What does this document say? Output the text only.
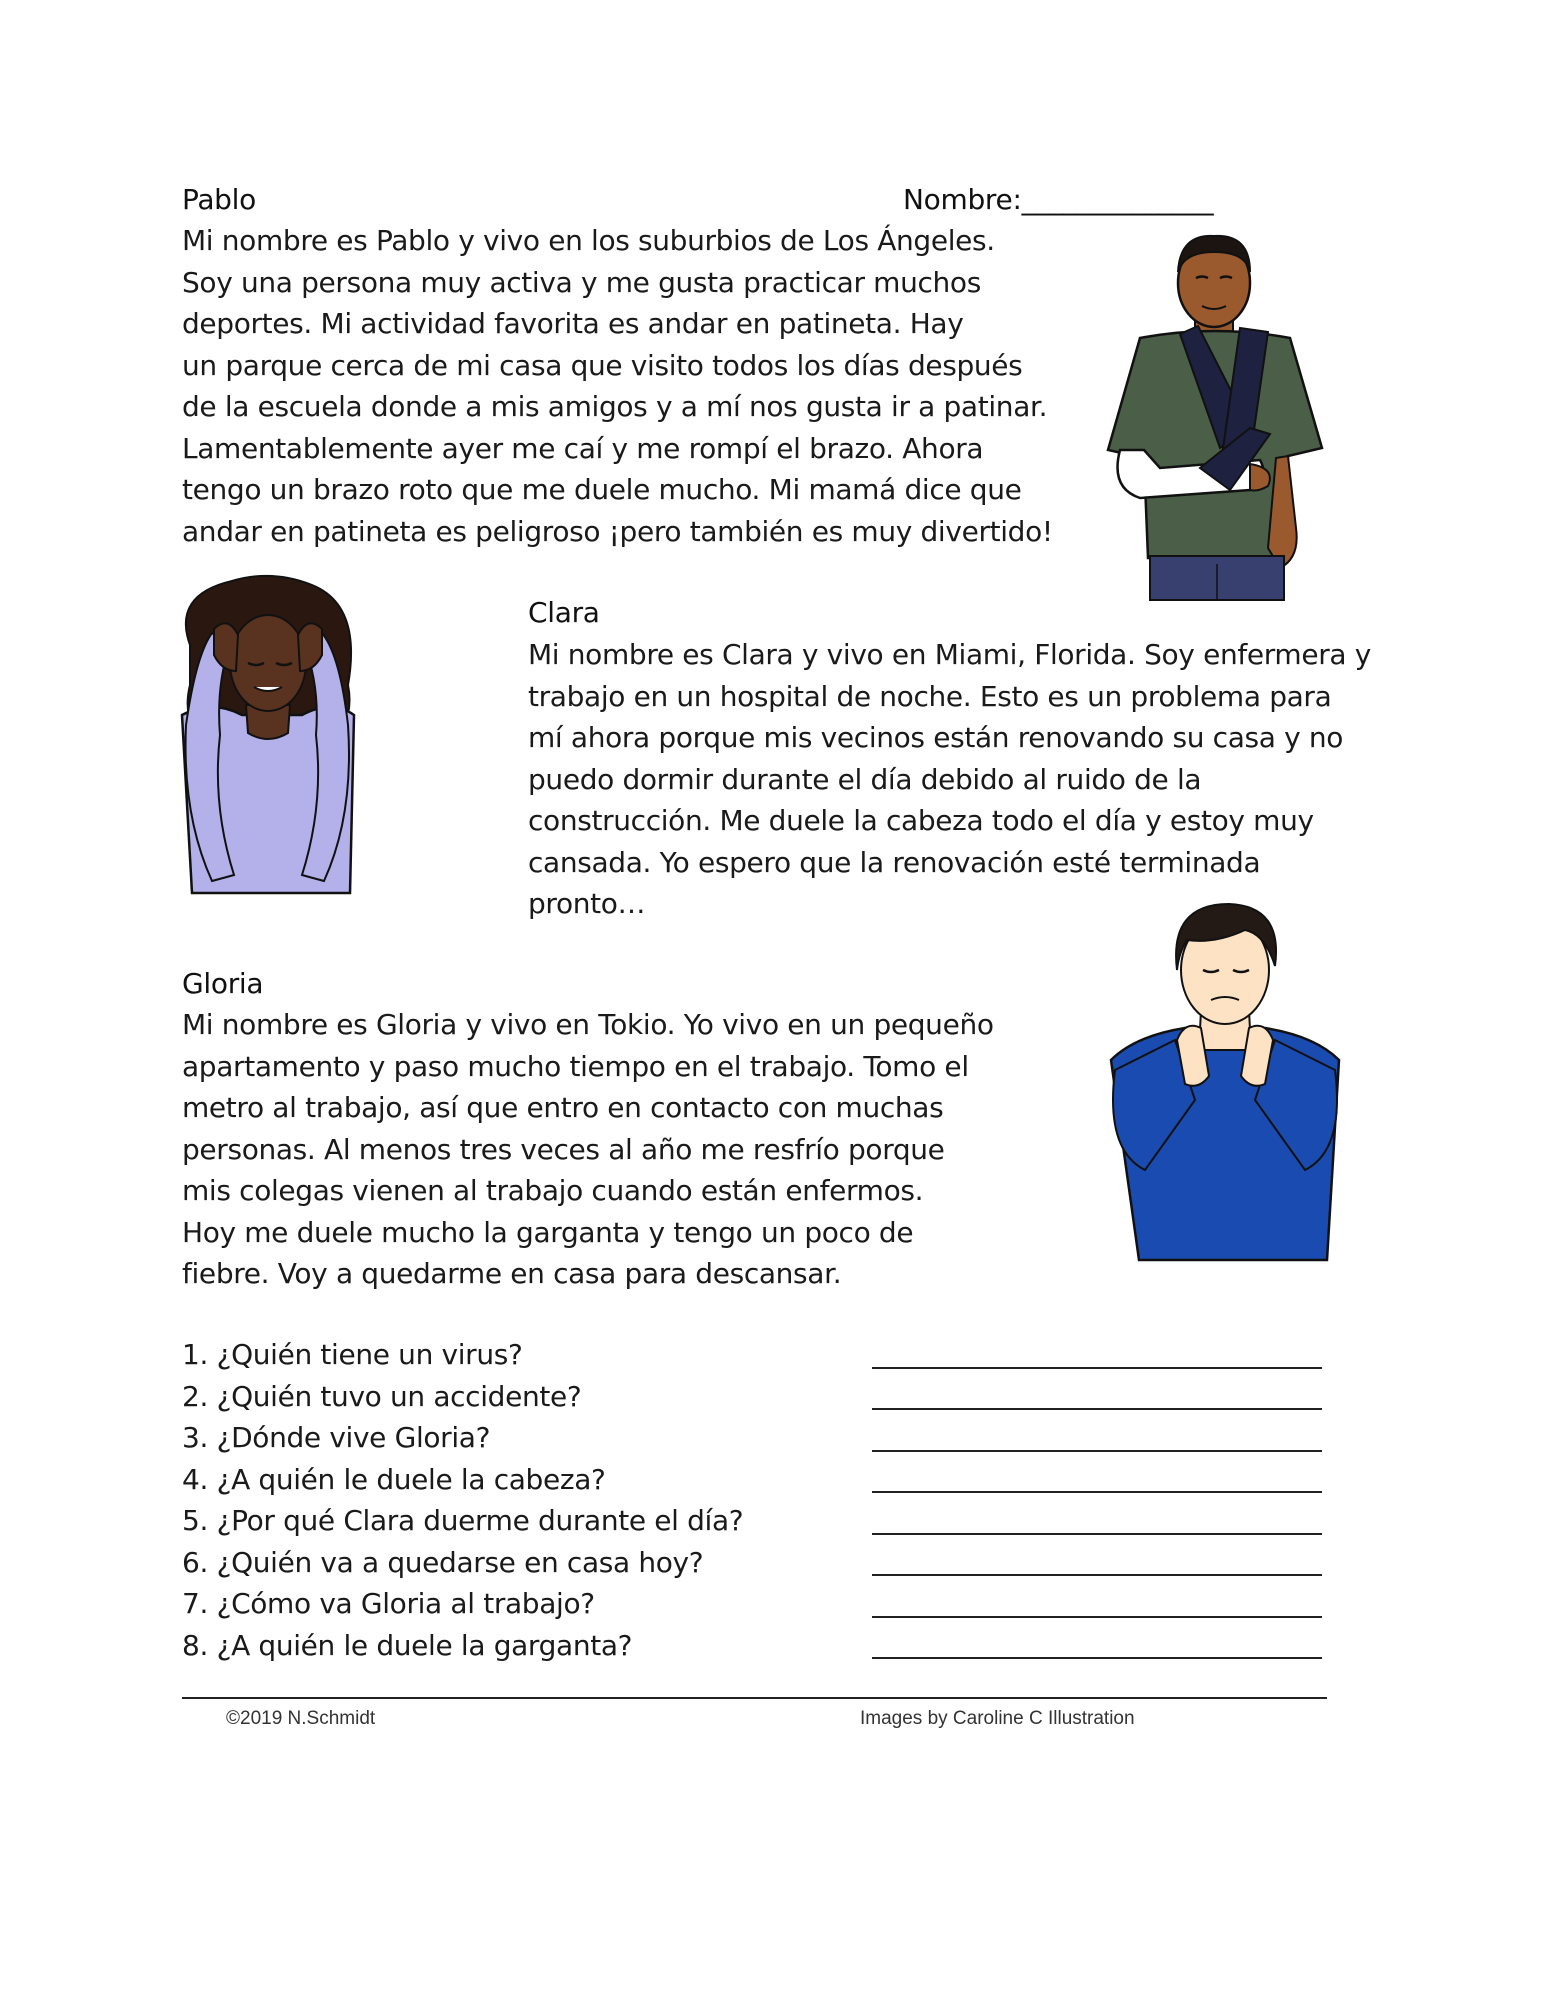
Pablo	Nombre:______________
Mi nombre es Pablo y vivo en los suburbios de Los Ángeles.
Soy una persona muy activa y me gusta practicar muchos
deportes. Mi actividad favorita es andar en patineta. Hay
un parque cerca de mi casa que visito todos los días después
de la escuela donde a mis amigos y a mí nos gusta ir a patinar.
Lamentablemente ayer me caí y me rompí el brazo. Ahora
tengo un brazo roto que me duele mucho. Mi mamá dice que
andar en patineta es peligroso ¡pero también es muy divertido!
Clara
Mi nombre es Clara y vivo en Miami, Florida. Soy enfermera y
trabajo en un hospital de noche. Esto es un problema para
mí ahora porque mis vecinos están renovando su casa y no
puedo dormir durante el día debido al ruido de la
construcción. Me duele la cabeza todo el día y estoy muy
cansada. Yo espero que la renovación esté terminada
pronto…
Gloria
Mi nombre es Gloria y vivo en Tokio. Yo vivo en un pequeño
apartamento y paso mucho tiempo en el trabajo. Tomo el
metro al trabajo, así que entro en contacto con muchas
personas. Al menos tres veces al año me resfrío porque
mis colegas vienen al trabajo cuando están enfermos.
Hoy me duele mucho la garganta y tengo un poco de
fiebre. Voy a quedarme en casa para descansar.
1. ¿Quién tiene un virus?
2. ¿Quién tuvo un accidente?
3. ¿Dónde vive Gloria?
4. ¿A quién le duele la cabeza?
5. ¿Por qué Clara duerme durante el día?
6. ¿Quién va a quedarse en casa hoy?
7. ¿Cómo va Gloria al trabajo?
8. ¿A quién le duele la garganta?
©2019 N.Schmidt	Images by Caroline C Illustration
